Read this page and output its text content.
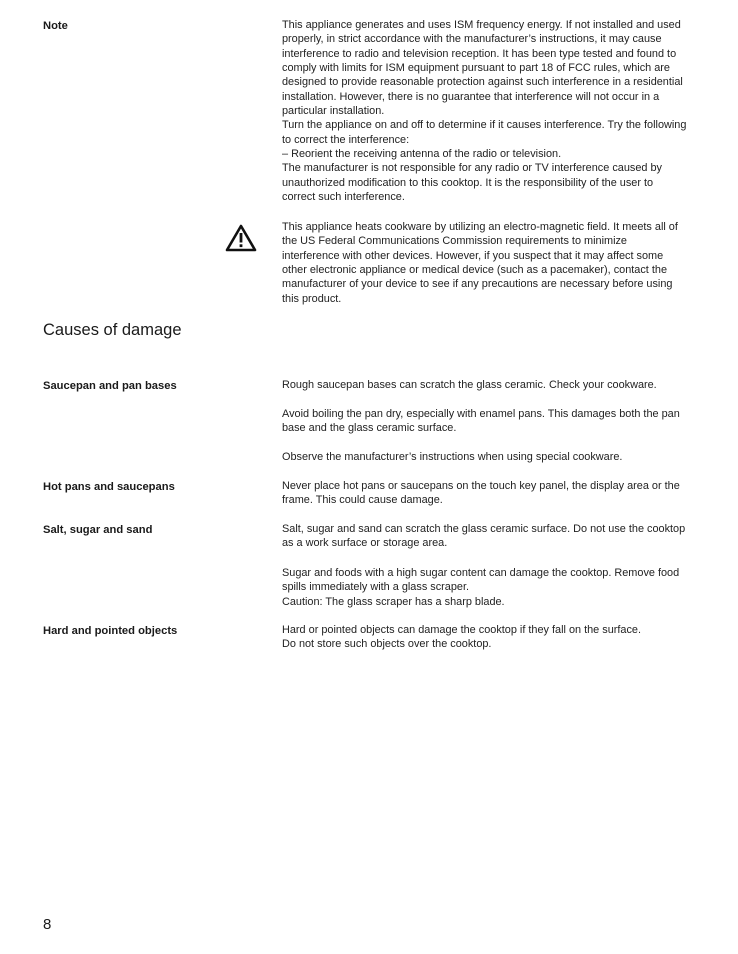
Note	This appliance generates and uses ISM frequency energy. If not installed and used
properly, in strict accordance with the manufacturer’s instructions, it may cause
interference to radio and television reception. It has been type tested and found to
comply with limits for ISM equipment pursuant to part 18 of FCC rules, which are
designed to provide reasonable protection against such interference in a residential
installation. However, there is no guarantee that interference will not occur in a
particular installation.
Turn the appliance on and off to determine if it causes interference. Try the following
to correct the interference:
– Reorient the receiving antenna of the radio or television.
The manufacturer is not responsible for any radio or TV interference caused by
unauthorized modification to this cooktop. It is the responsibility of the user to
correct such interference.
This appliance heats cookware by utilizing an electro-magnetic field. It meets all of
the US Federal Communications Commission requirements to minimize
interference with other devices. However, if you suspect that it may affect some
other electronic appliance or medical device (such as a pacemaker), contact the
manufacturer of your device to see if any precautions are necessary before using
this product.
Causes of damage
Saucepan and pan bases	Rough saucepan bases can scratch the glass ceramic. Check your cookware.
Avoid boiling the pan dry, especially with enamel pans. This damages both the pan
base and the glass ceramic surface.
Observe the manufacturer’s instructions when using special cookware.
Hot pans and saucepans	Never place hot pans or saucepans on the touch key panel, the display area or the
frame. This could cause damage.
Salt, sugar and sand	Salt, sugar and sand can scratch the glass ceramic surface. Do not use the cooktop
as a work surface or storage area.
Sugar and foods with a high sugar content can damage the cooktop. Remove food
spills immediately with a glass scraper.
Caution: The glass scraper has a sharp blade.
Hard and pointed objects	Hard or pointed objects can damage the cooktop if they fall on the surface.
Do not store such objects over the cooktop.
8
